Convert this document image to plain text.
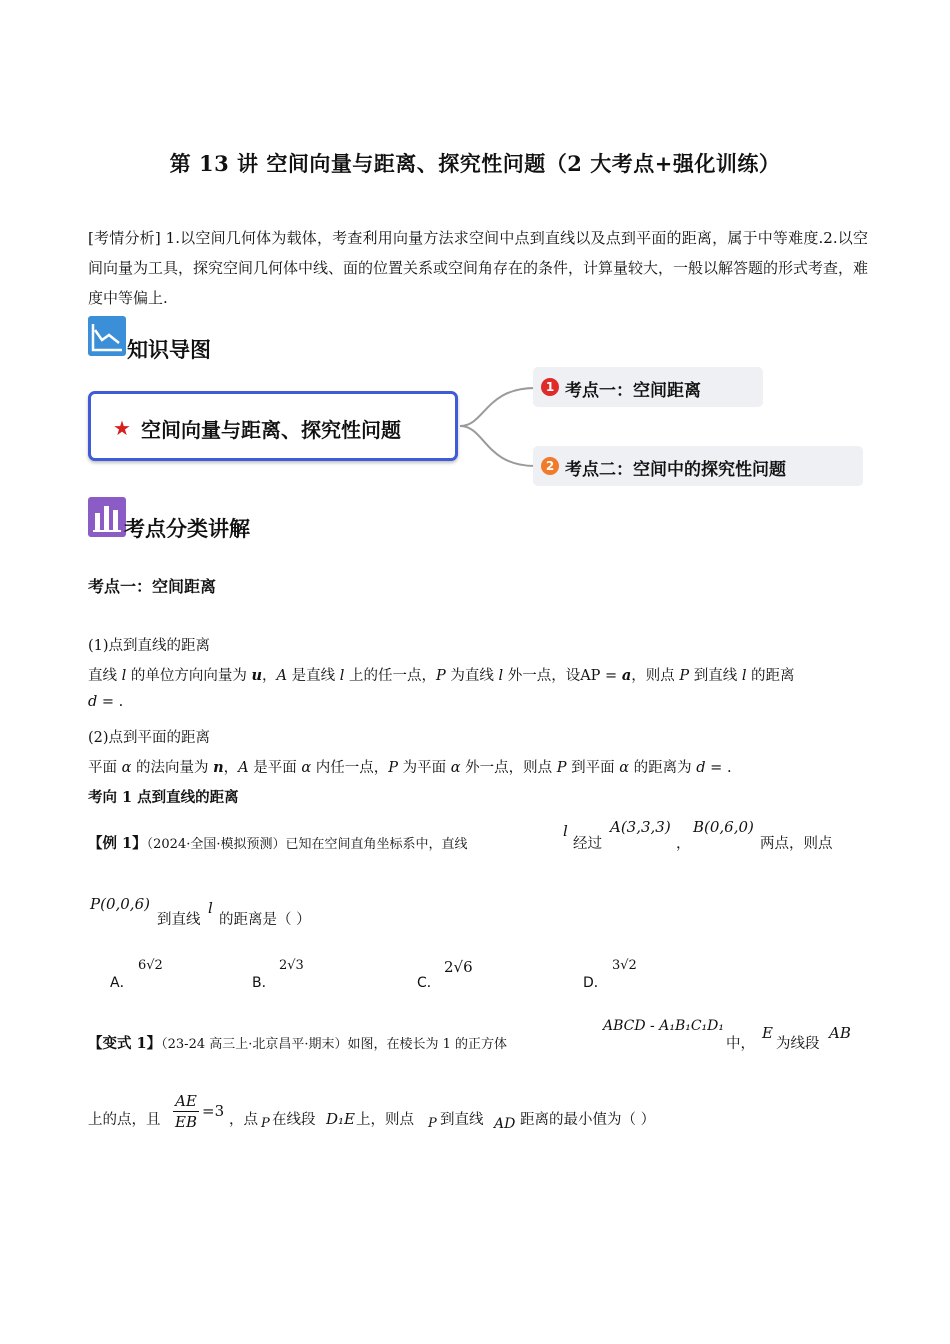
第 13 讲 空间向量与距离、探究性问题（2 大考点+强化训练）
[考情分析] 1.以空间几何体为载体，考查利用向量方法求空间中点到直线以及点到平面的距离，属于中等难度.2.以空间向量为工具，探究空间几何体中线、面的位置关系或空间角存在的条件，计算量较大，一般以解答题的形式考查，难度中等偏上.
知识导图
★ 空间向量与距离、探究性问题
1 考点一：空间距离
2 考点二：空间中的探究性问题
考点分类讲解
考点一：空间距离
(1)点到直线的距离
直线 l 的单位方向向量为 u，A 是直线 l 上的任一点，P 为直线 l 外一点，设AP = a，则点 P 到直线 l 的距离
d = .
(2)点到平面的距离
平面 α 的法向量为 n，A 是平面 α 内任一点，P 为平面 α 外一点，则点 P 到平面 α 的距离为 d = .
考向 1 点到直线的距离
【例 1】（2024·全国·模拟预测）已知在空间直角坐标系中，直线
l
经过
A(3,3,3)
，
B(0,6,0)
两点，则点
P(0,0,6)
到直线
l
的距离是（ ）
A．
6√2
B．
2√3
C．
2√6
D．
3√2
【变式 1】（23-24 高三上·北京昌平·期末）如图，在棱长为 1 的正方体
ABCD - A₁B₁C₁D₁
中，
E
为线段
AB
上的点，且
AE
EB
=3 ，点 P 在线段 D₁E 上，则点 P 到直线 AD 距离的最小值为（ ）
